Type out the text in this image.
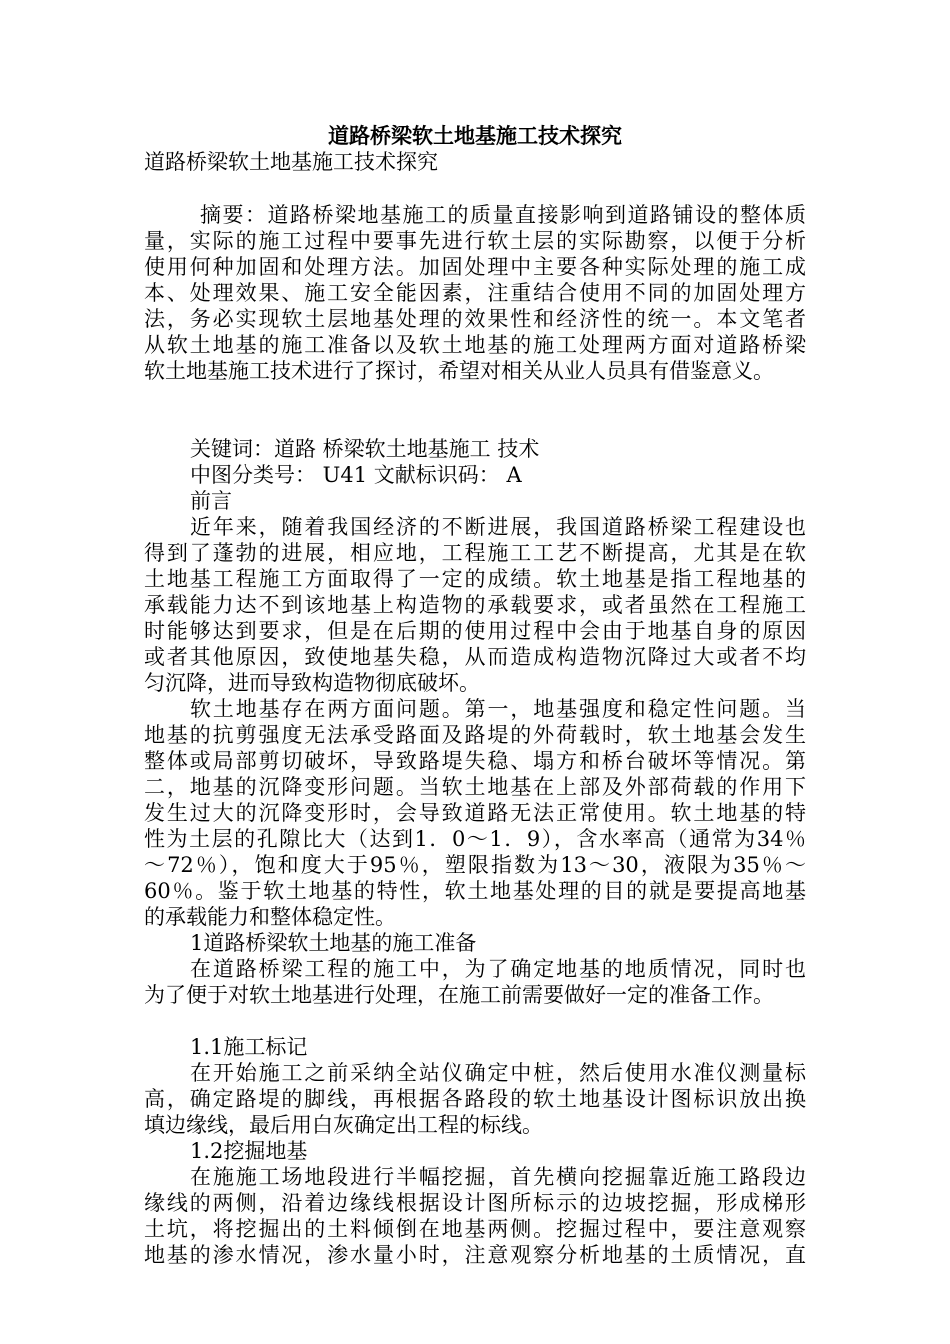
道路桥梁软土地基施工技术探究
道路桥梁软土地基施工技术探究
摘要：道路桥梁地基施工的质量直接影响到道路铺设的整体质
量，实际的施工过程中要事先进行软土层的实际勘察，以便于分析
使用何种加固和处理方法。加固处理中主要各种实际处理的施工成
本、处理效果、施工安全能因素，注重结合使用不同的加固处理方
法，务必实现软土层地基处理的效果性和经济性的统一。本文笔者
从软土地基的施工准备以及软土地基的施工处理两方面对道路桥梁
软土地基施工技术进行了探讨，希望对相关从业人员具有借鉴意义。
关键词：道路 桥梁软土地基施工 技术
中图分类号： U41 文献标识码： A
前言
近年来，随着我国经济的不断进展，我国道路桥梁工程建设也
得到了蓬勃的进展，相应地，工程施工工艺不断提高，尤其是在软
土地基工程施工方面取得了一定的成绩。软土地基是指工程地基的
承载能力达不到该地基上构造物的承载要求，或者虽然在工程施工
时能够达到要求，但是在后期的使用过程中会由于地基自身的原因
或者其他原因，致使地基失稳，从而造成构造物沉降过大或者不均
匀沉降，进而导致构造物彻底破坏。
软土地基存在两方面问题。第一，地基强度和稳定性问题。当
地基的抗剪强度无法承受路面及路堤的外荷载时，软土地基会发生
整体或局部剪切破坏，导致路堤失稳、塌方和桥台破坏等情况。第
二，地基的沉降变形问题。当软土地基在上部及外部荷载的作用下
发生过大的沉降变形时，会导致道路无法正常使用。软土地基的特
性为土层的孔隙比大（达到1．0～1．9），含水率高（通常为34％
～72％），饱和度大于95％，塑限指数为13～30，液限为35％～
60％。鉴于软土地基的特性，软土地基处理的目的就是要提高地基
的承载能力和整体稳定性。
1道路桥梁软土地基的施工准备
在道路桥梁工程的施工中，为了确定地基的地质情况，同时也
为了便于对软土地基进行处理，在施工前需要做好一定的准备工作。
1.1施工标记
在开始施工之前采纳全站仪确定中桩，然后使用水准仪测量标
高，确定路堤的脚线，再根据各路段的软土地基设计图标识放出换
填边缘线，最后用白灰确定出工程的标线。
1.2挖掘地基
在施施工场地段进行半幅挖掘，首先横向挖掘靠近施工路段边
缘线的两侧，沿着边缘线根据设计图所标示的边坡挖掘，形成梯形
土坑，将挖掘出的土料倾倒在地基两侧。挖掘过程中，要注意观察
地基的渗水情况，渗水量小时，注意观察分析地基的土质情况，直
